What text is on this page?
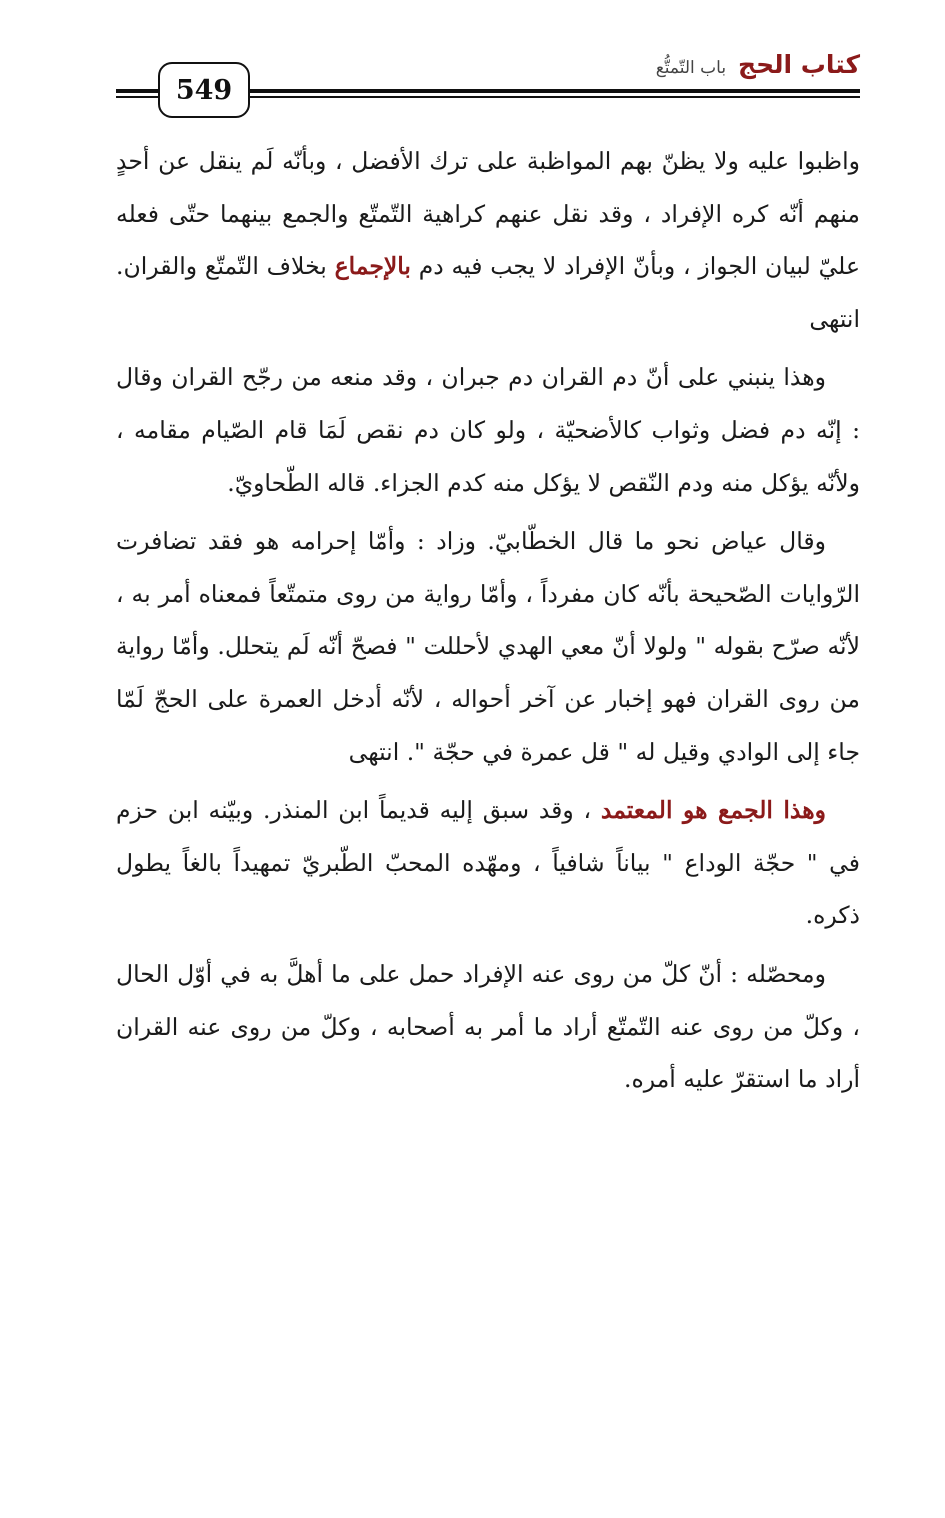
549
كتاب الحج
باب التّمتُّع

واظبوا عليه ولا يظنّ بهم المواظبة على ترك الأفضل ، وبأنّه لَم ينقل عن أحدٍ منهم أنّه كره الإفراد ، وقد نقل عنهم كراهية التّمتّع والجمع بينهما حتّى فعله عليّ لبيان الجواز ، وبأنّ الإفراد لا يجب فيه دم بالإجماع بخلاف التّمتّع والقران. انتهى

وهذا ينبني على أنّ دم القران دم جبران ، وقد منعه من رجّح القران وقال : إنّه دم فضل وثواب كالأضحيّة ، ولو كان دم نقص لَمَا قام الصّيام مقامه ، ولأنّه يؤكل منه ودم النّقص لا يؤكل منه كدم الجزاء. قاله الطّحاويّ.

وقال عياض نحو ما قال الخطّابيّ. وزاد : وأمّا إحرامه هو فقد تضافرت الرّوايات الصّحيحة بأنّه كان مفرداً ، وأمّا رواية من روى متمتّعاً فمعناه أمر به ، لأنّه صرّح بقوله " ولولا أنّ معي الهدي لأحللت " فصحّ أنّه لَم يتحلل. وأمّا رواية من روى القران فهو إخبار عن آخر أحواله ، لأنّه أدخل العمرة على الحجّ لَمّا جاء إلى الوادي وقيل له " قل عمرة في حجّة ". انتهى

وهذا الجمع هو المعتمد ، وقد سبق إليه قديماً ابن المنذر. وبيّنه ابن حزم في " حجّة الوداع " بياناً شافياً ، ومهّده المحبّ الطّبريّ تمهيداً بالغاً يطول ذكره.

ومحصّله : أنّ كلّ من روى عنه الإفراد حمل على ما أهلَّ به في أوّل الحال ، وكلّ من روى عنه التّمتّع أراد ما أمر به أصحابه ، وكلّ من روى عنه القران أراد ما استقرّ عليه أمره.
